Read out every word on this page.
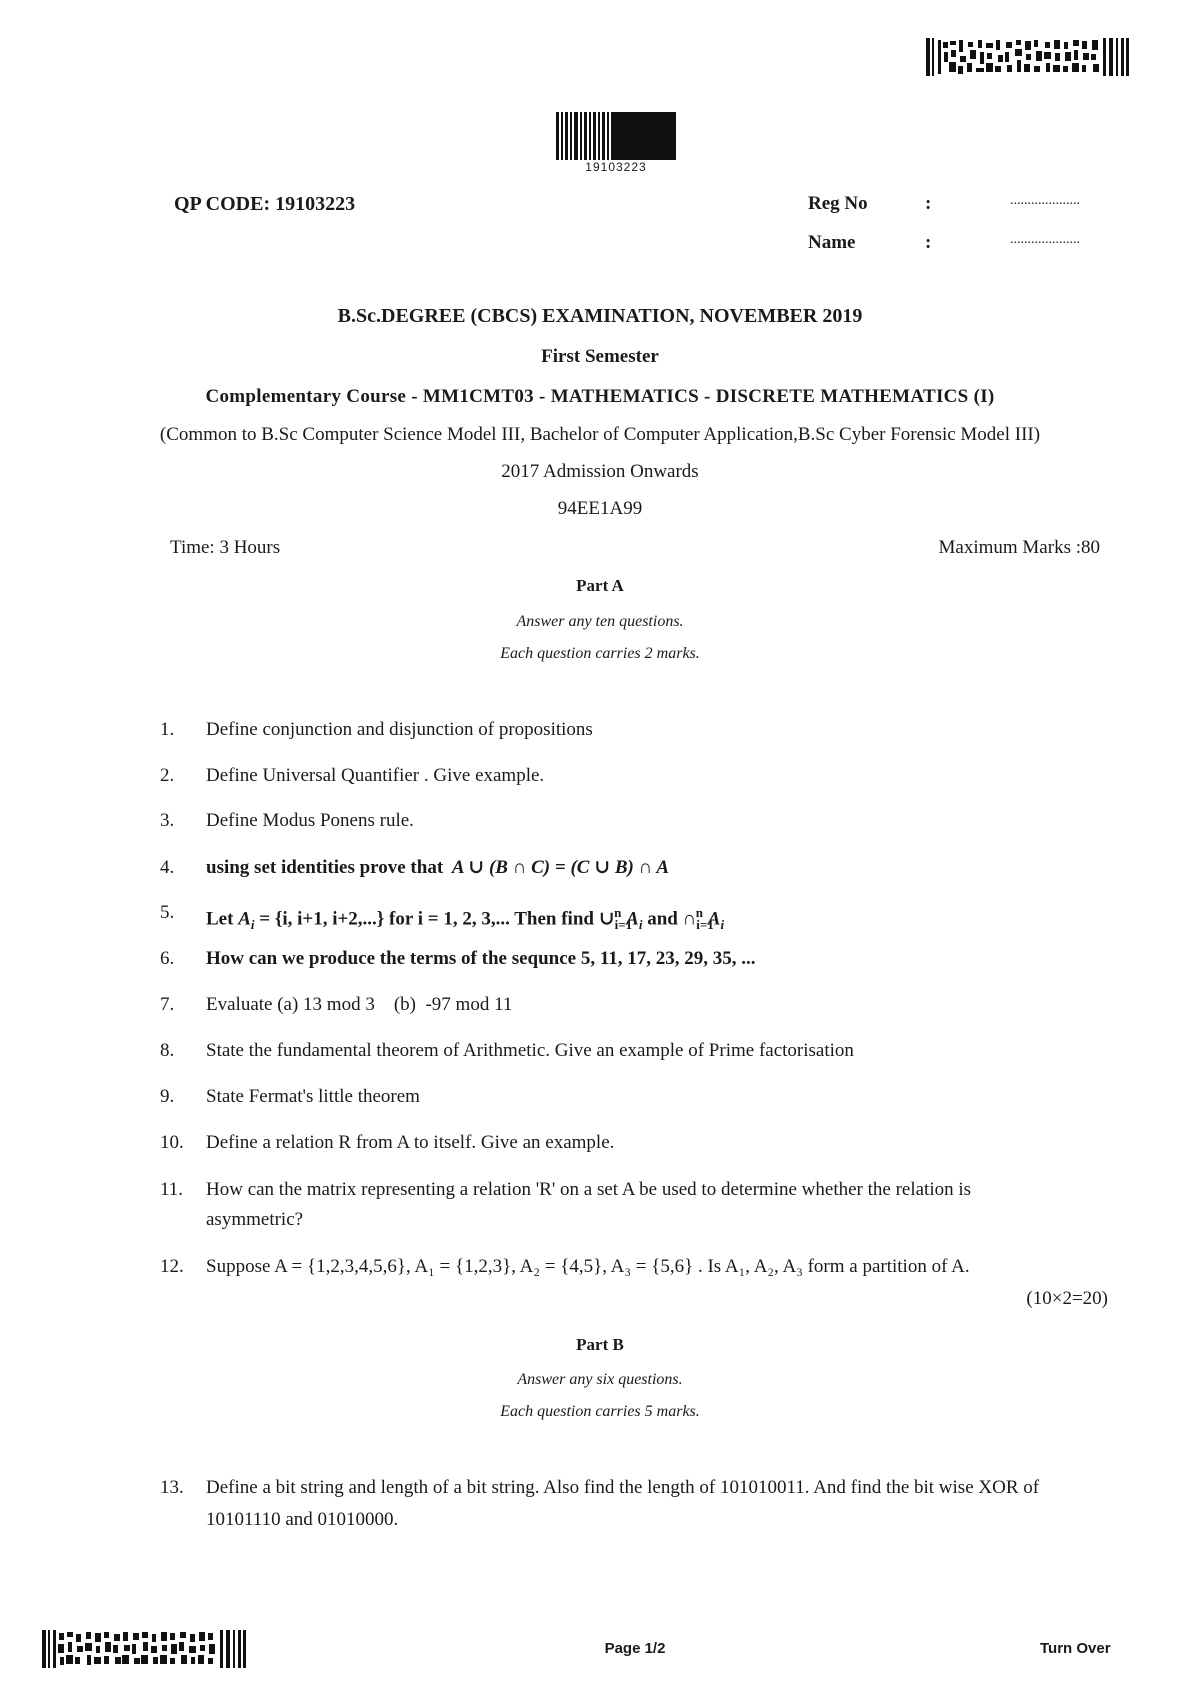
19103223
QP CODE: 19103223	Reg No	:	....................
Name	:	....................
B.Sc.DEGREE (CBCS) EXAMINATION, NOVEMBER 2019
First Semester
Complementary Course - MM1CMT03 - MATHEMATICS - DISCRETE MATHEMATICS (I)
(Common to B.Sc Computer Science Model III, Bachelor of Computer Application,B.Sc Cyber Forensic Model III)
2017 Admission Onwards
94EE1A99
Time: 3 Hours	Maximum Marks :80
Part A
Answer any ten questions.
Each question carries 2 marks.
1.	Define conjunction and disjunction of propositions
2.	Define Universal Quantifier . Give example.
3.	Define Modus Ponens rule.
4.	using set identities prove that A ∪ (B ∩ C) = (C ∪ B) ∩ A
5.	Let $A_i = \{i$, i+1, i+2,...} for i = 1, 2, 3,... Then find $\cup_{i=1}^n$ $A_i$ and $\cap_{i=1}^n$ $A_i$
6.	How can we produce the terms of the sequnce 5, 11, 17, 23, 29, 35, ...
7.	Evaluate (a) 13 mod 3    (b)  -97 mod 11
8.	State the fundamental theorem of Arithmetic. Give an example of Prime factorisation
9.	State Fermat's little theorem
10.	Define a relation R from A to itself. Give an example.
11.	How can the matrix representing a relation 'R' on a set A be used to determine whether the relation is
asymmetric?
12.	Suppose A = {1,2,3,4,5,6}, A₁ = {1,2,3}, A₂ = {4,5}, A₃ = {5,6} . Is A₁, A₂, A₃ form a partition of A.
(10×2=20)
Part B
Answer any six questions.
Each question carries 5 marks.
13.	Define a bit string and length of a bit string. Also find the length of 101010011. And find the bit wise XOR of
10101110 and 01010000.
Page 1/2	Turn Over
